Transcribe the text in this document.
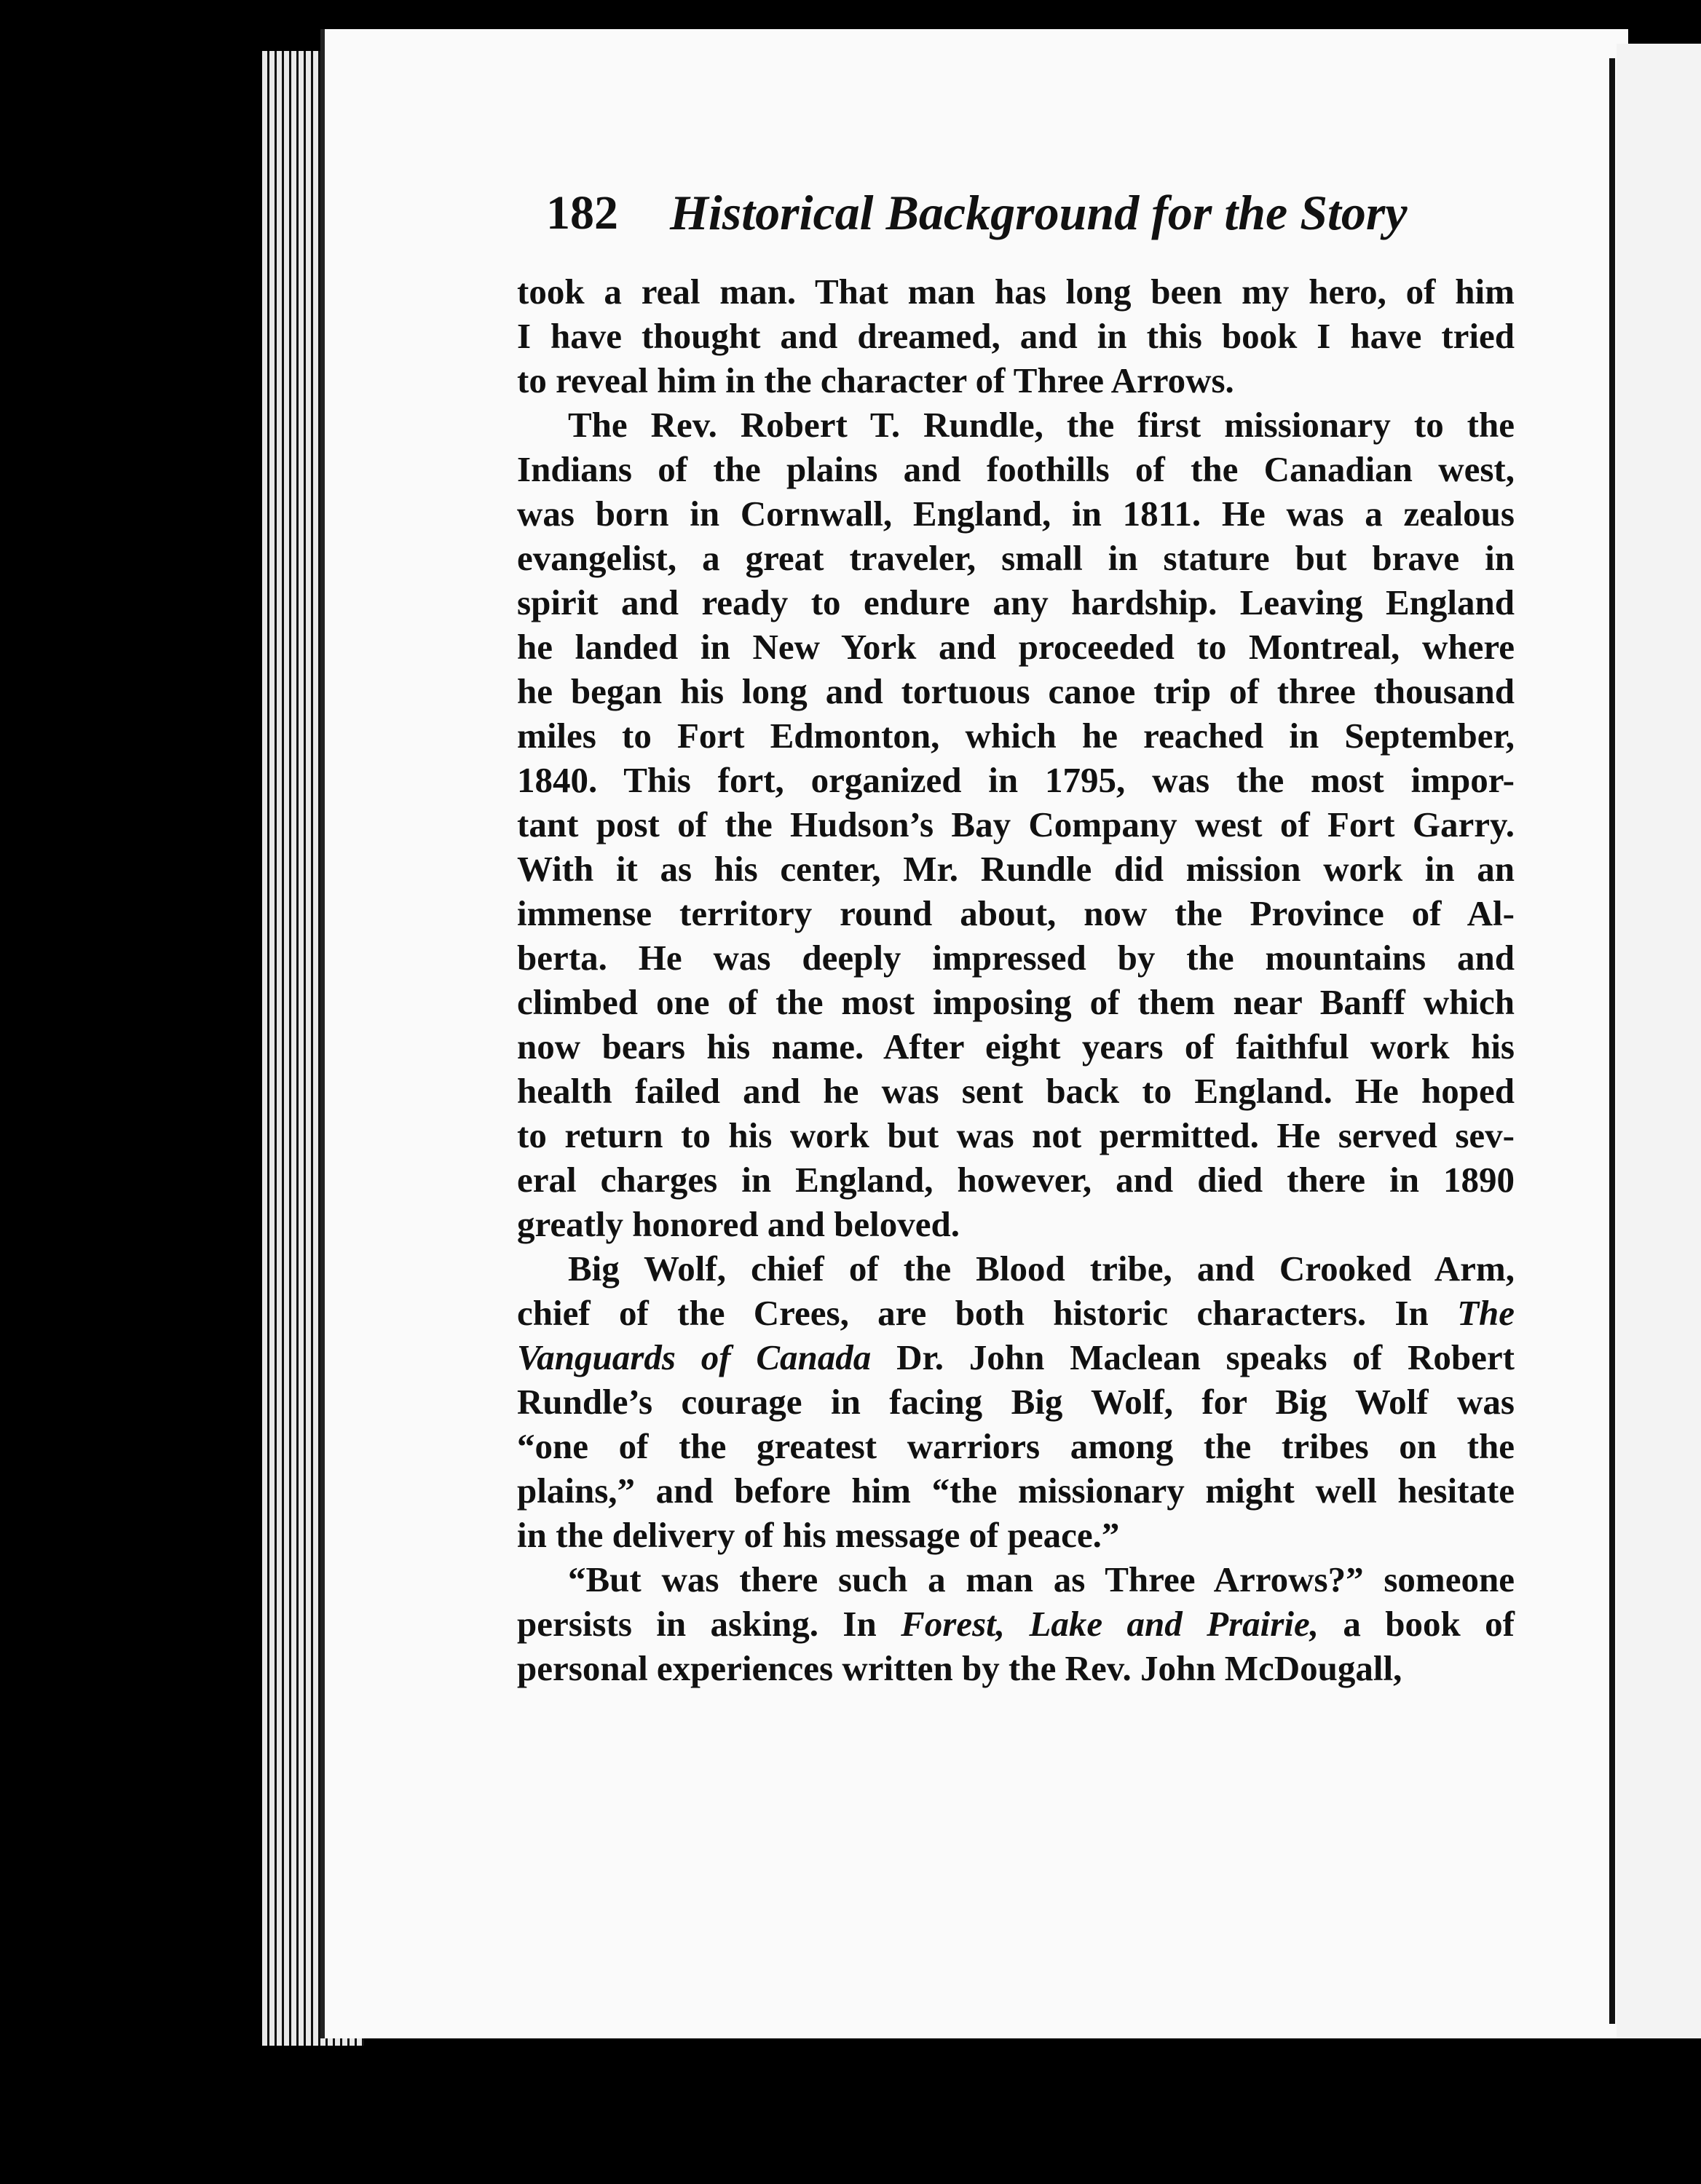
182 Historical Background for the Story
took a real man. That man has long been my hero, of him
I have thought and dreamed, and in this book I have tried
to reveal him in the character of Three Arrows.
The Rev. Robert T. Rundle, the first missionary to the
Indians of the plains and foothills of the Canadian west,
was born in Cornwall, England, in 1811. He was a zealous
evangelist, a great traveler, small in stature but brave in
spirit and ready to endure any hardship. Leaving England
he landed in New York and proceeded to Montreal, where
he began his long and tortuous canoe trip of three thousand
miles to Fort Edmonton, which he reached in September,
1840. This fort, organized in 1795, was the most impor-
tant post of the Hudson’s Bay Company west of Fort Garry.
With it as his center, Mr. Rundle did mission work in an
immense territory round about, now the Province of Al-
berta. He was deeply impressed by the mountains and
climbed one of the most imposing of them near Banff which
now bears his name. After eight years of faithful work his
health failed and he was sent back to England. He hoped
to return to his work but was not permitted. He served sev-
eral charges in England, however, and died there in 1890
greatly honored and beloved.
Big Wolf, chief of the Blood tribe, and Crooked Arm,
chief of the Crees, are both historic characters. In The
Vanguards of Canada Dr. John Maclean speaks of Robert
Rundle’s courage in facing Big Wolf, for Big Wolf was
“one of the greatest warriors among the tribes on the
plains,” and before him “the missionary might well hesitate
in the delivery of his message of peace.”
“But was there such a man as Three Arrows?” someone
persists in asking. In Forest, Lake and Prairie, a book of
personal experiences written by the Rev. John McDougall,
